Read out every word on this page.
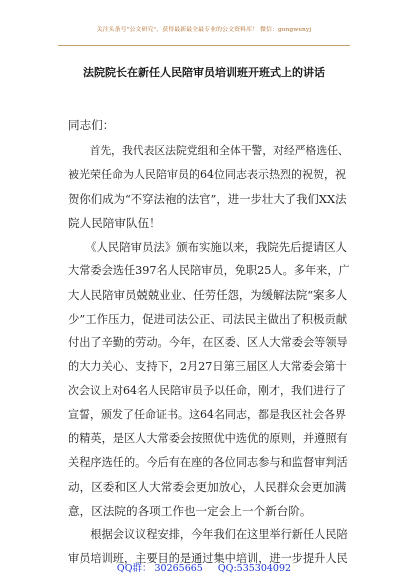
关注头条号"公文研究"，获得最新最全最专业的公文资料库！ 微信：gongwenyj
法院院长在新任人民陪审员培训班开班式上的讲话
同志们：
　　首先，我代表区法院党组和全体干警，对经严格选任、
被光荣任命为人民陪审员的64位同志表示热烈的祝贺，祝
贺你们成为“不穿法袍的法官”，进一步壮大了我们XX法
院人民陪审队伍！
　　《人民陪审员法》颁布实施以来，我院先后提请区人
大常委会选任397名人民陪审员，免职25人。多年来，广
大人民陪审员兢兢业业、任劳任怨，为缓解法院“案多人
少”工作压力，促进司法公正、司法民主做出了积极贡献
付出了辛勤的劳动。今年，在区委、区人大常委会等领导
的大力关心、支持下，2月27日第三届区人大常委会第十
次会议上对64名人民陪审员予以任命，刚才，我们进行了
宣誓，颁发了任命证书。这64名同志，都是我区社会各界
的精英，是区人大常委会按照优中选优的原则，并遵照有
关程序选任的。今后有在座的各位同志参与和监督审判活
动，区委和区人大常委会更加放心，人民群众会更加满
意，区法院的各项工作也一定会上一个新台阶。
　　根据会议议程安排，今年我们在这里举行新任人民陪
审员培训班，主要目的是通过集中培训，进一步提升人民
QQ群： 30265665 QQ:535304092
